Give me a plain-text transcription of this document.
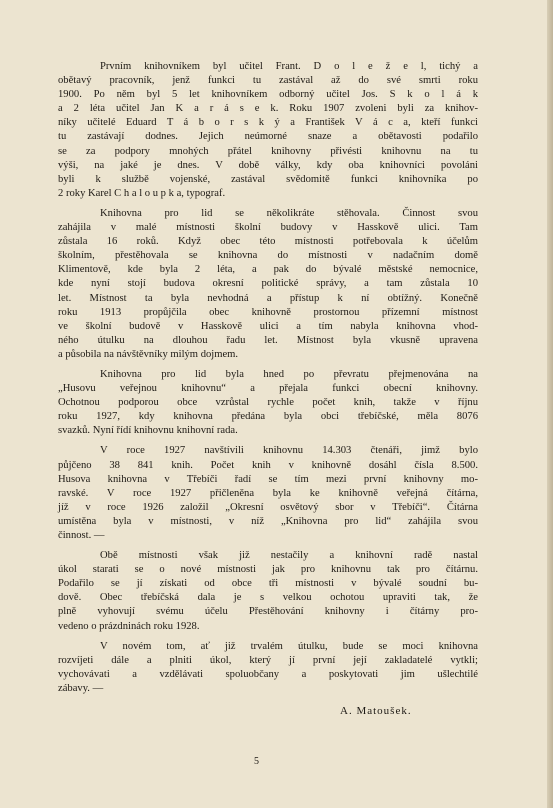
Prvním knihovníkem byl učitel Frant. D o l e ž e l, tichý a
obětavý pracovník, jenž funkci tu zastával až do své smrti roku
1900. Po něm byl 5 let knihovníkem odborný učitel Jos. S k o l á k
a 2 léta učitel Jan K a r á s e k. Roku 1907 zvoleni byli za knihov-
níky učitelé Eduard T á b o r s k ý a František V á c a, kteří funkci
tu zastávají dodnes. Jejich neúmorné snaze a obětavosti podařilo
se za podpory mnohých přátel knihovny přivésti knihovnu na tu
výši, na jaké je dnes. V době války, kdy oba knihovníci povoláni
byli k službě vojenské, zastával svědomitě funkci knihovníka po
2 roky Karel C h a l o u p k a, typograf.
Knihovna pro lid se několikráte stěhovala. Činnost svou
zahájila v malé místnosti školní budovy v Hasskově ulici. Tam
zůstala 16 roků. Když obec této místnosti potřebovala k účelům
školním, přestěhovala se knihovna do místnosti v nadačním domě
Klimentově, kde byla 2 léta, a pak do bývalé městské nemocnice,
kde nyní stojí budova okresní politické správy, a tam zůstala 10
let. Místnost ta byla nevhodná a přístup k ní obtížný. Konečně
roku 1913 propůjčila obec knihovně prostornou přízemní místnost
ve školní budově v Hasskově ulici a tím nabyla knihovna vhod-
ného útulku na dlouhou řadu let. Místnost byla vkusně upravena
a působila na návštěvníky milým dojmem.
Knihovna pro lid byla hned po převratu přejmenována na
„Husovu veřejnou knihovnu“ a přejala funkci obecní knihovny.
Ochotnou podporou obce vzrůstal rychle počet knih, takže v říjnu
roku 1927, kdy knihovna předána byla obci třebíčské, měla 8076
svazků. Nyní řídí knihovnu knihovní rada.
V roce 1927 navštívili knihovnu 14.303 čtenáři, jimž bylo
půjčeno 38 841 knih. Počet knih v knihovně dosáhl čísla 8.500.
Husova knihovna v Třebíči řadí se tím mezi první knihovny mo-
ravské. V roce 1927 přičleněna byla ke knihovně veřejná čítárna,
jíž v roce 1926 založil „Okresní osvětový sbor v Třebíči“. Čítárna
umístěna byla v místnosti, v níž „Knihovna pro lid“ zahájila svou
činnost. —
Obě místnosti však již nestačily a knihovní radě nastal
úkol starati se o nové místnosti jak pro knihovnu tak pro čítárnu.
Podařilo se jí získati od obce tři místnosti v bývalé soudní bu-
dově. Obec třebíčská dala je s velkou ochotou upraviti tak, že
plně vyhovují svému účelu Přestěhování knihovny i čítárny pro-
vedeno o prázdninách roku 1928.
V novém tom, ať již trvalém útulku, bude se moci knihovna
rozvíjeti dále a plniti úkol, který jí první její zakladatelé vytkli;
vychovávati a vzdělávati spoluobčany a poskytovati jim ušlechtilé
zábavy. —
A. Matoušek.
5
